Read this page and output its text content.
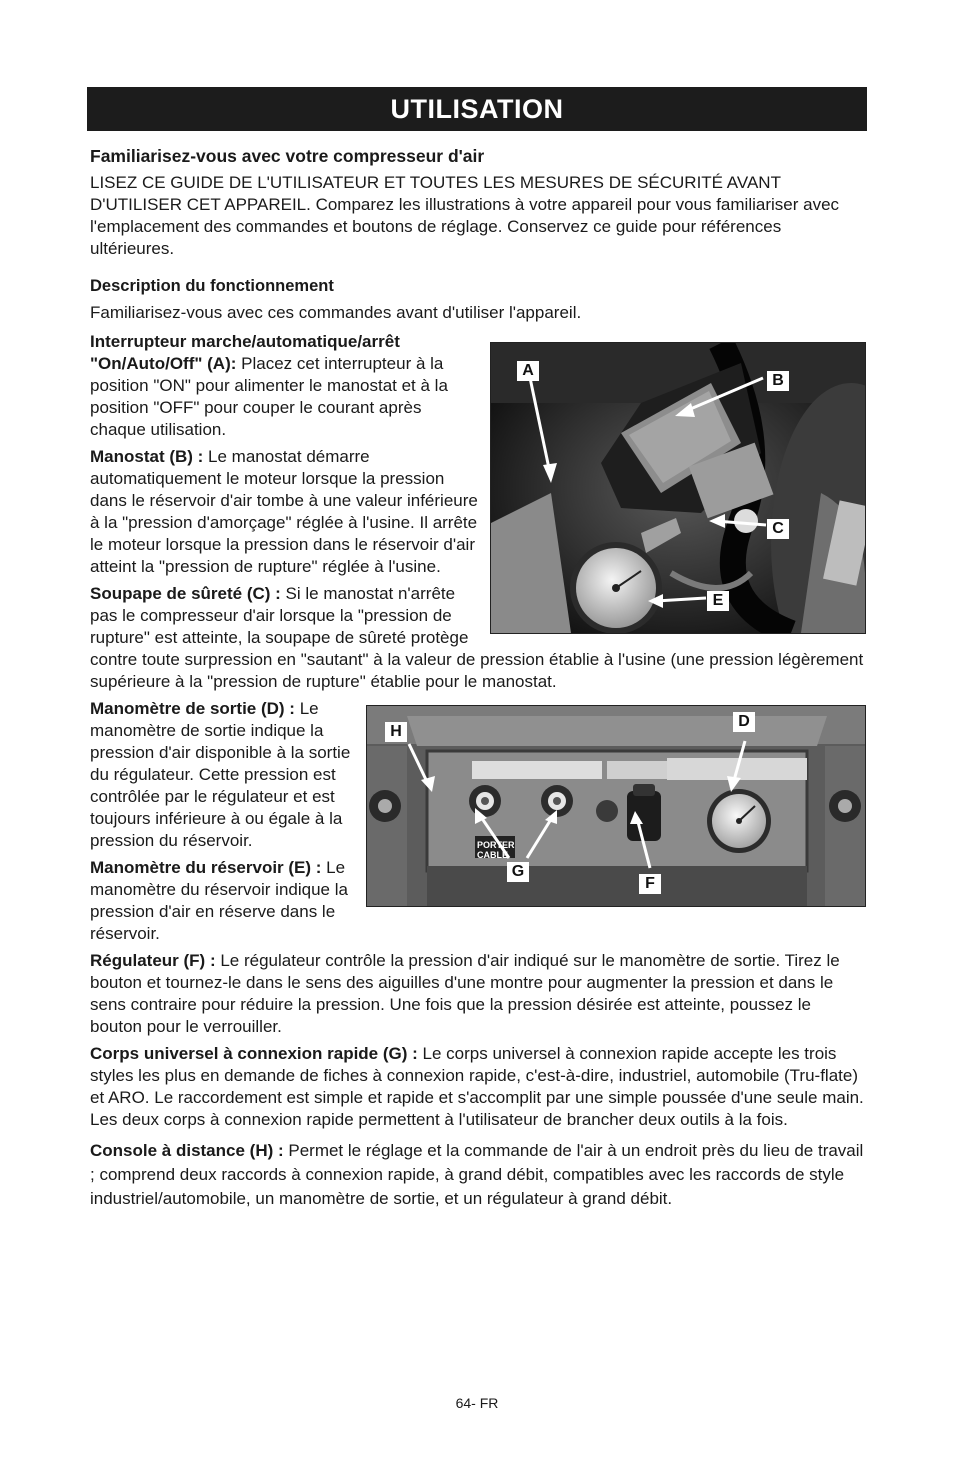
UTILISATION
Familiarisez-vous avec votre compresseur d'air

LISEZ CE GUIDE DE L'UTILISATEUR ET TOUTES LES MESURES DE SÉCURITÉ AVANT D'UTILISER CET APPAREIL. Comparez les illustrations à votre appareil pour vous familiariser avec l'emplacement des commandes et boutons de réglage. Conservez ce guide pour références ultérieures.

Description du fonctionnement

Familiarisez-vous avec ces commandes avant d'utiliser l'appareil.

A
B
C
E

Interrupteur marche/automatique/arrêt "On/Auto/Off" (A): Placez cet interrupteur à la position "ON" pour alimenter le manostat et à la position "OFF" pour couper le courant après chaque utilisation.

Manostat (B) : Le manostat démarre automatiquement le moteur lorsque la pression dans le réservoir d'air tombe à une valeur inférieure à la "pression d'amorçage" réglée à l'usine. Il arrête le moteur lorsque la pression dans le réservoir d'air atteint la "pression de rupture" réglée à l'usine.

Soupape de sûreté (C) : Si le manostat n'arrête pas le compresseur d'air lorsque la "pression de rupture" est atteinte, la soupape de sûreté protège contre toute surpression en "sautant" à la valeur de pression établie à l'usine (une pression légèrement supérieure à la "pression de rupture" établie pour le manostat.

H
D
G
F
PORTER CABLE

Manomètre de sortie (D) : Le manomètre de sortie indique la pression d'air disponible à la sortie du régulateur. Cette pression est contrôlée par le régulateur et est toujours inférieure à ou égale à la pression du réservoir.

Manomètre du réservoir (E) : Le manomètre du réservoir indique la pression d'air en réserve dans le réservoir.

Régulateur (F) : Le régulateur contrôle la pression d'air indiqué sur le manomètre de sortie. Tirez le bouton et tournez-le dans le sens des aiguilles d'une montre pour augmenter la pression et dans le sens contraire pour réduire la pression. Une fois que la pression désirée est atteinte, poussez le bouton pour le verrouiller.

Corps universel à connexion rapide (G) : Le corps universel à connexion rapide accepte les trois styles les plus en demande de fiches à connexion rapide, c'est-à-dire, industriel, automobile (Tru-flate) et ARO. Le raccordement est simple et rapide et s'accomplit par une simple poussée d'une seule main. Les deux corps à connexion rapide permettent à l'utilisateur de brancher deux outils à la fois.

Console à distance (H) : Permet le réglage et la commande de l'air à un endroit près du lieu de travail ; comprend deux raccords à connexion rapide, à grand débit, compatibles avec les raccords de style industriel/automobile, un manomètre de sortie, et un régulateur à grand débit.

64- FR
